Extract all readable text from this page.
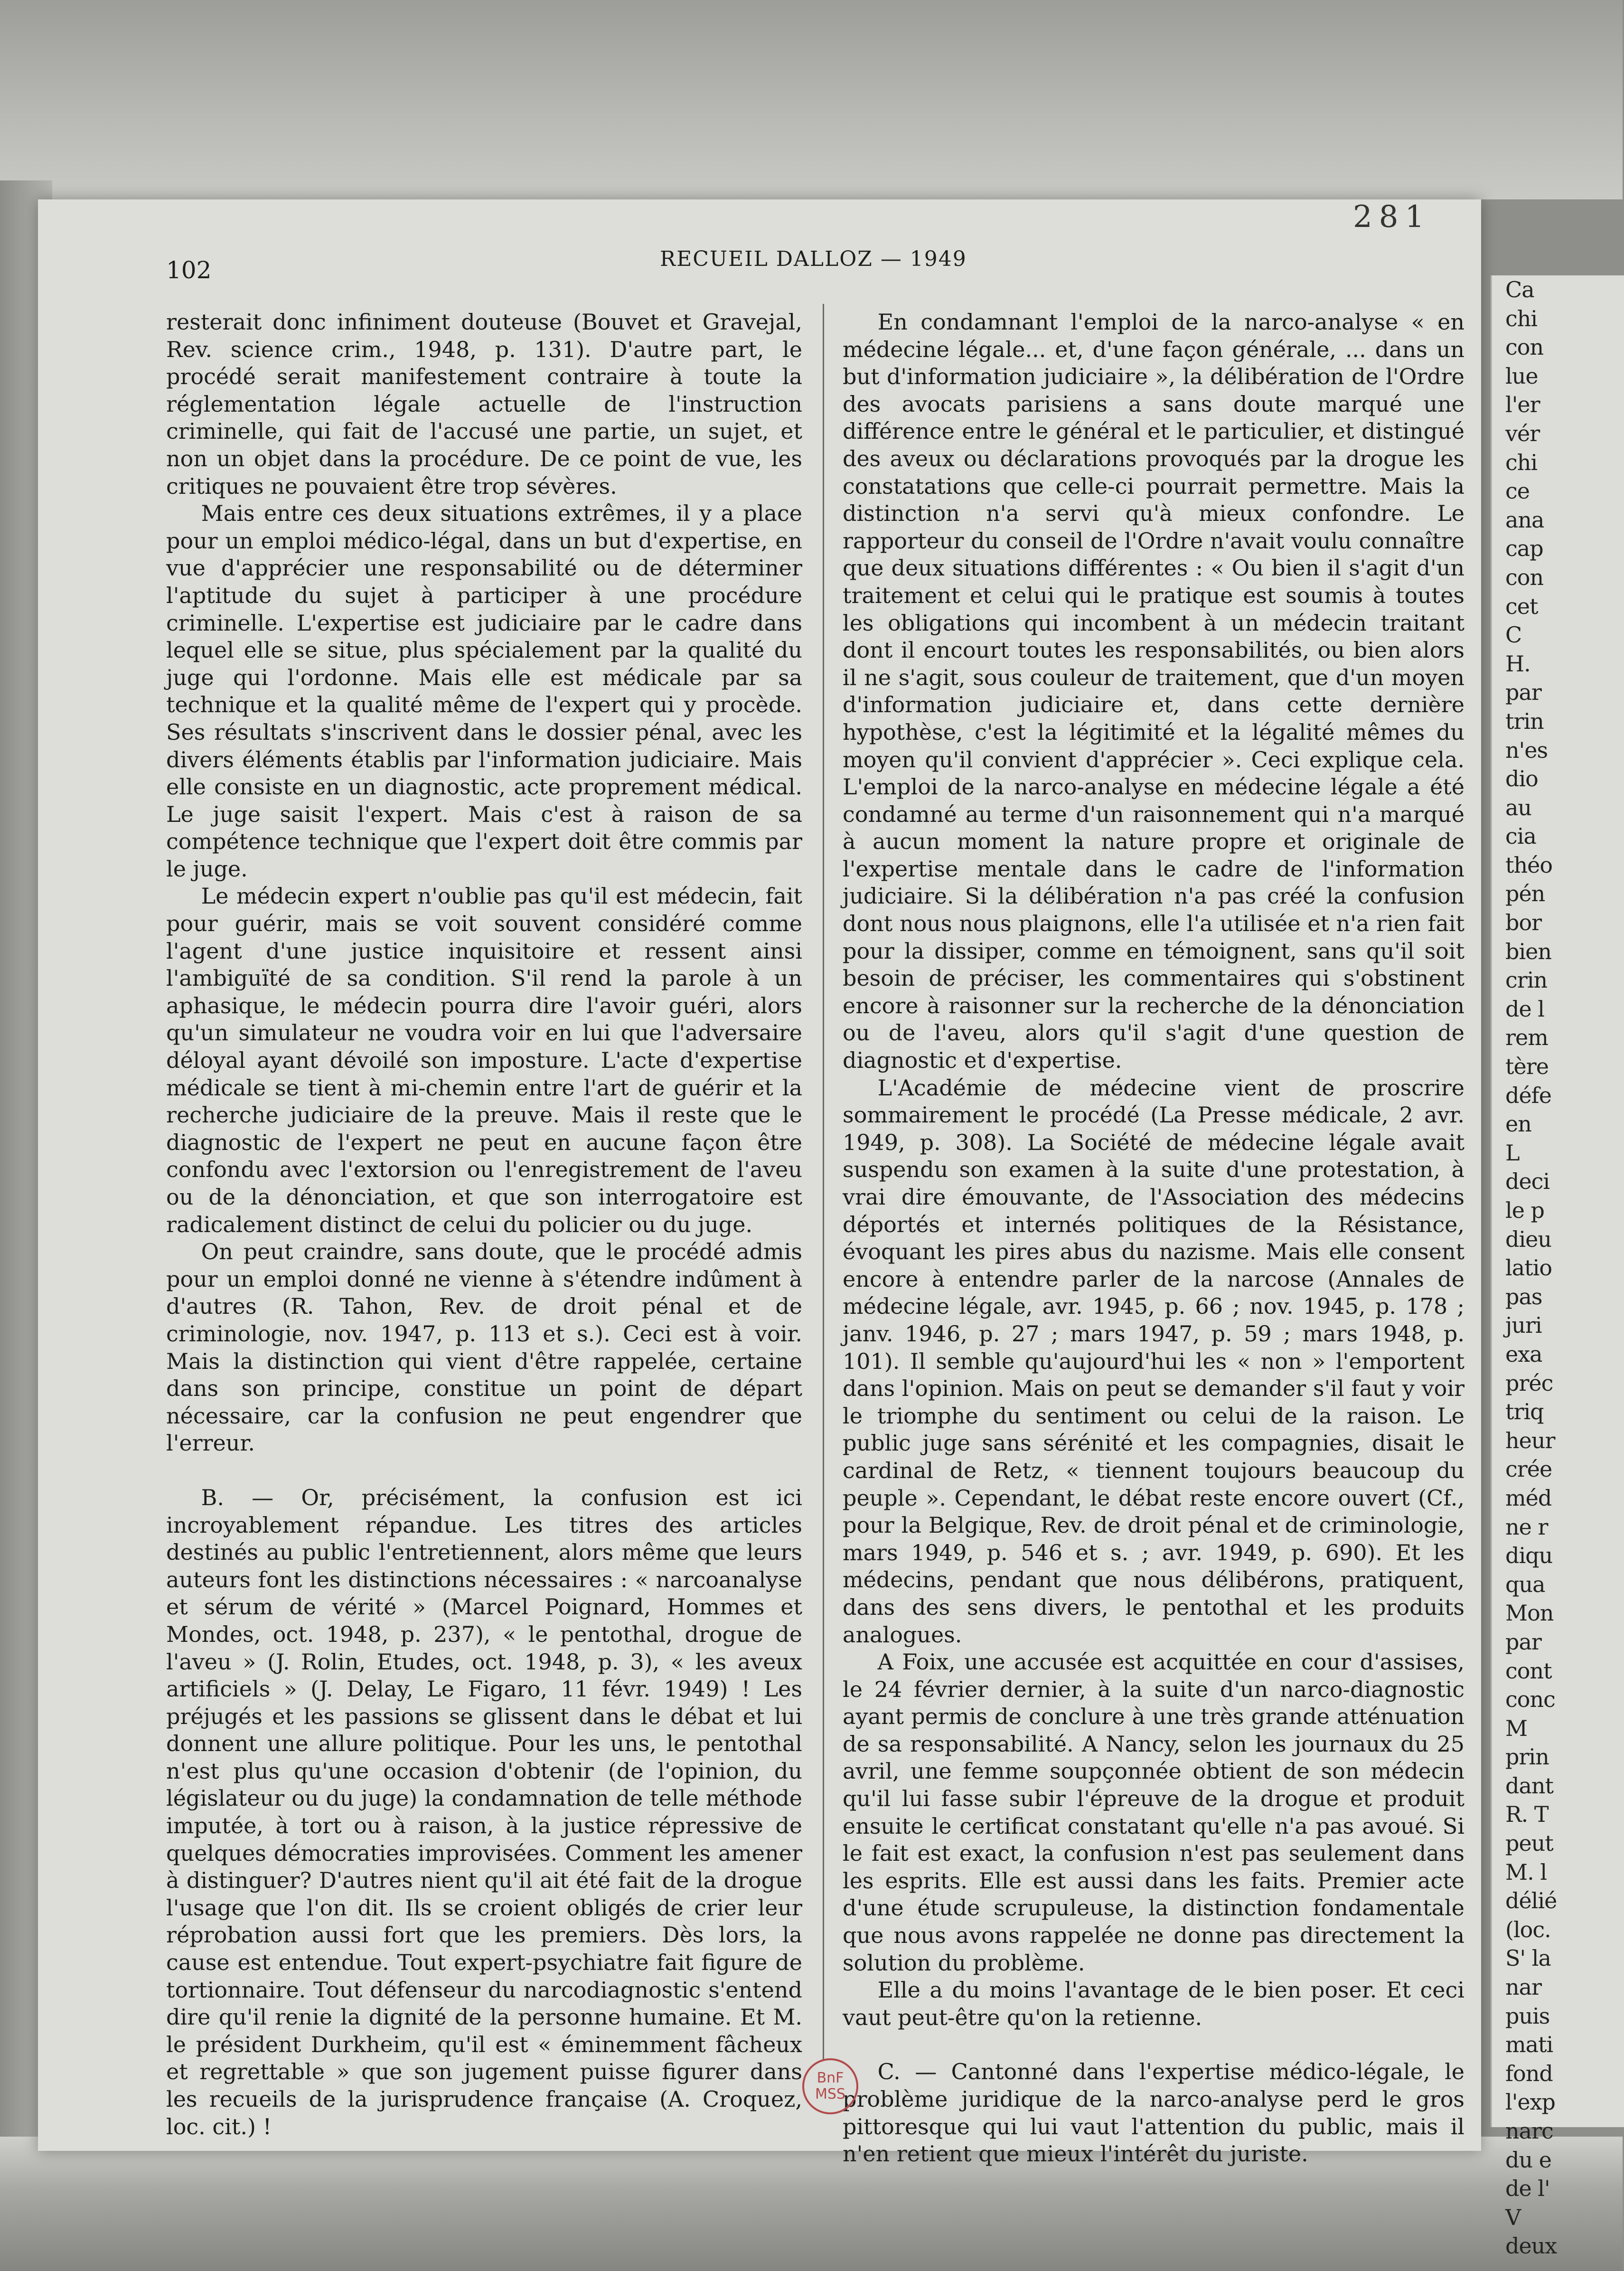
281
102	RECUEIL DALLOZ — 1949

resterait donc infiniment douteuse (Bouvet et Gravejal, Rev. science crim., 1948, p. 131). D'autre part, le procédé serait manifestement contraire à toute la réglementation légale actuelle de l'instruction criminelle, qui fait de l'accusé une partie, un sujet, et non un objet dans la procédure. De ce point de vue, les critiques ne pouvaient être trop sévères.

Mais entre ces deux situations extrêmes, il y a place pour un emploi médico-légal, dans un but d'expertise, en vue d'apprécier une responsabilité ou de déterminer l'aptitude du sujet à participer à une procédure criminelle. L'expertise est judiciaire par le cadre dans lequel elle se situe, plus spécialement par la qualité du juge qui l'ordonne. Mais elle est médicale par sa technique et la qualité même de l'expert qui y procède. Ses résultats s'inscrivent dans le dossier pénal, avec les divers éléments établis par l'information judiciaire. Mais elle consiste en un diagnostic, acte proprement médical. Le juge saisit l'expert. Mais c'est à raison de sa compétence technique que l'expert doit être commis par le juge.

Le médecin expert n'oublie pas qu'il est médecin, fait pour guérir, mais se voit souvent considéré comme l'agent d'une justice inquisitoire et ressent ainsi l'ambiguïté de sa condition. S'il rend la parole à un aphasique, le médecin pourra dire l'avoir guéri, alors qu'un simulateur ne voudra voir en lui que l'adversaire déloyal ayant dévoilé son imposture. L'acte d'expertise médicale se tient à mi-chemin entre l'art de guérir et la recherche judiciaire de la preuve. Mais il reste que le diagnostic de l'expert ne peut en aucune façon être confondu avec l'extorsion ou l'enregistrement de l'aveu ou de la dénonciation, et que son interrogatoire est radicalement distinct de celui du policier ou du juge.

On peut craindre, sans doute, que le procédé admis pour un emploi donné ne vienne à s'étendre indûment à d'autres (R. Tahon, Rev. de droit pénal et de criminologie, nov. 1947, p. 113 et s.). Ceci est à voir. Mais la distinction qui vient d'être rappelée, certaine dans son principe, constitue un point de départ nécessaire, car la confusion ne peut engendrer que l'erreur.

B. — Or, précisément, la confusion est ici incroyablement répandue. Les titres des articles destinés au public l'entretiennent, alors même que leurs auteurs font les distinctions nécessaires : « narcoanalyse et sérum de vérité » (Marcel Poignard, Hommes et Mondes, oct. 1948, p. 237), « le pentothal, drogue de l'aveu » (J. Rolin, Etudes, oct. 1948, p. 3), « les aveux artificiels » (J. Delay, Le Figaro, 11 févr. 1949) ! Les préjugés et les passions se glissent dans le débat et lui donnent une allure politique. Pour les uns, le pentothal n'est plus qu'une occasion d'obtenir (de l'opinion, du législateur ou du juge) la condamnation de telle méthode imputée, à tort ou à raison, à la justice répressive de quelques démocraties improvisées. Comment les amener à distinguer? D'autres nient qu'il ait été fait de la drogue l'usage que l'on dit. Ils se croient obligés de crier leur réprobation aussi fort que les premiers. Dès lors, la cause est entendue. Tout expert-psychiatre fait figure de tortionnaire. Tout défenseur du narcodiagnostic s'entend dire qu'il renie la dignité de la personne humaine. Et M. le président Durkheim, qu'il est « éminemment fâcheux et regrettable » que son jugement puisse figurer dans les recueils de la jurisprudence française (A. Croquez, loc. cit.) !

En condamnant l'emploi de la narco-analyse « en médecine légale... et, d'une façon générale, ... dans un but d'information judiciaire », la délibération de l'Ordre des avocats parisiens a sans doute marqué une différence entre le général et le particulier, et distingué des aveux ou déclarations provoqués par la drogue les constatations que celle-ci pourrait permettre. Mais la distinction n'a servi qu'à mieux confondre. Le rapporteur du conseil de l'Ordre n'avait voulu connaître que deux situations différentes : « Ou bien il s'agit d'un traitement et celui qui le pratique est soumis à toutes les obligations qui incombent à un médecin traitant dont il encourt toutes les responsabilités, ou bien alors il ne s'agit, sous couleur de traitement, que d'un moyen d'information judiciaire et, dans cette dernière hypothèse, c'est la légitimité et la légalité mêmes du moyen qu'il convient d'apprécier ». Ceci explique cela. L'emploi de la narco-analyse en médecine légale a été condamné au terme d'un raisonnement qui n'a marqué à aucun moment la nature propre et originale de l'expertise mentale dans le cadre de l'information judiciaire. Si la délibération n'a pas créé la confusion dont nous nous plaignons, elle l'a utilisée et n'a rien fait pour la dissiper, comme en témoignent, sans qu'il soit besoin de préciser, les commentaires qui s'obstinent encore à raisonner sur la recherche de la dénonciation ou de l'aveu, alors qu'il s'agit d'une question de diagnostic et d'expertise.

L'Académie de médecine vient de proscrire sommairement le procédé (La Presse médicale, 2 avr. 1949, p. 308). La Société de médecine légale avait suspendu son examen à la suite d'une protestation, à vrai dire émouvante, de l'Association des médecins déportés et internés politiques de la Résistance, évoquant les pires abus du nazisme. Mais elle consent encore à entendre parler de la narcose (Annales de médecine légale, avr. 1945, p. 66 ; nov. 1945, p. 178 ; janv. 1946, p. 27 ; mars 1947, p. 59 ; mars 1948, p. 101). Il semble qu'aujourd'hui les « non » l'emportent dans l'opinion. Mais on peut se demander s'il faut y voir le triomphe du sentiment ou celui de la raison. Le public juge sans sérénité et les compagnies, disait le cardinal de Retz, « tiennent toujours beaucoup du peuple ». Cependant, le débat reste encore ouvert (Cf., pour la Belgique, Rev. de droit pénal et de criminologie, mars 1949, p. 546 et s. ; avr. 1949, p. 690). Et les médecins, pendant que nous délibérons, pratiquent, dans des sens divers, le pentothal et les produits analogues.

A Foix, une accusée est acquittée en cour d'assises, le 24 février dernier, à la suite d'un narco-diagnostic ayant permis de conclure à une très grande atténuation de sa responsabilité. A Nancy, selon les journaux du 25 avril, une femme soupçonnée obtient de son médecin qu'il lui fasse subir l'épreuve de la drogue et produit ensuite le certificat constatant qu'elle n'a pas avoué. Si le fait est exact, la confusion n'est pas seulement dans les esprits. Elle est aussi dans les faits. Premier acte d'une étude scrupuleuse, la distinction fondamentale que nous avons rappelée ne donne pas directement la solution du problème.

Elle a du moins l'avantage de le bien poser. Et ceci vaut peut-être qu'on la retienne.

C. — Cantonné dans l'expertise médico-légale, le problème juridique de la narco-analyse perd le gros pittoresque qui lui vaut l'attention du public, mais il n'en retient que mieux l'intérêt du juriste.

Ca
chi
con
lue
l'er
vér
chi
ce
ana
cap
con
cet
C
H.
par
trin
n'es
dio
au
cia
théo
pén
bor
bien
crin
de l
rem
tère
défe
en
L
deci
le p
dieu
latio
pas
juri
exa
préc
triq
heur
crée
méd
ne r
diqu
qua
Mon
par
cont
conc
M
prin
dant
R. T
peut
M. l
délié
(loc.
S' la
nar
puis
mati
fond
l'exp
narc
du e
de l'
V
deux
BnF
MSS
